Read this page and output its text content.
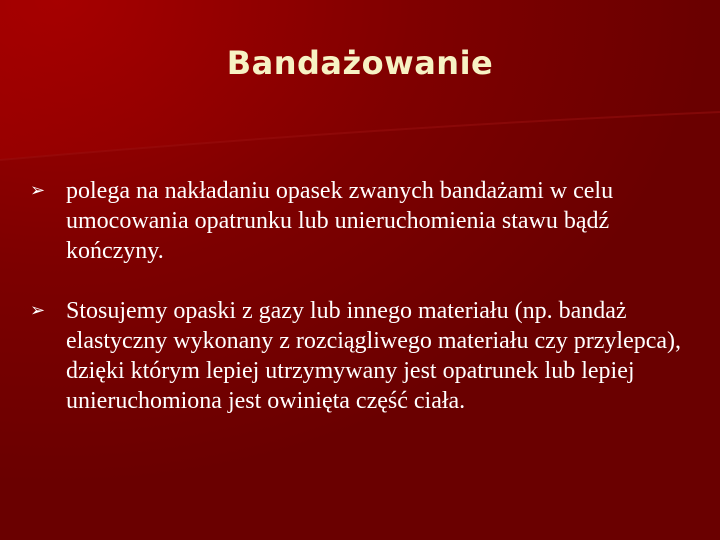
Bandażowanie
➢ polega na nakładaniu opasek zwanych bandażami w celu umocowania opatrunku lub unieruchomienia stawu bądź kończyny.
➢ Stosujemy opaski z gazy lub innego materiału (np. bandaż elastyczny wykonany z rozciągliwego materiału czy przylepca), dzięki którym lepiej utrzymywany jest opatrunek lub lepiej unieruchomiona jest owinięta część ciała.
